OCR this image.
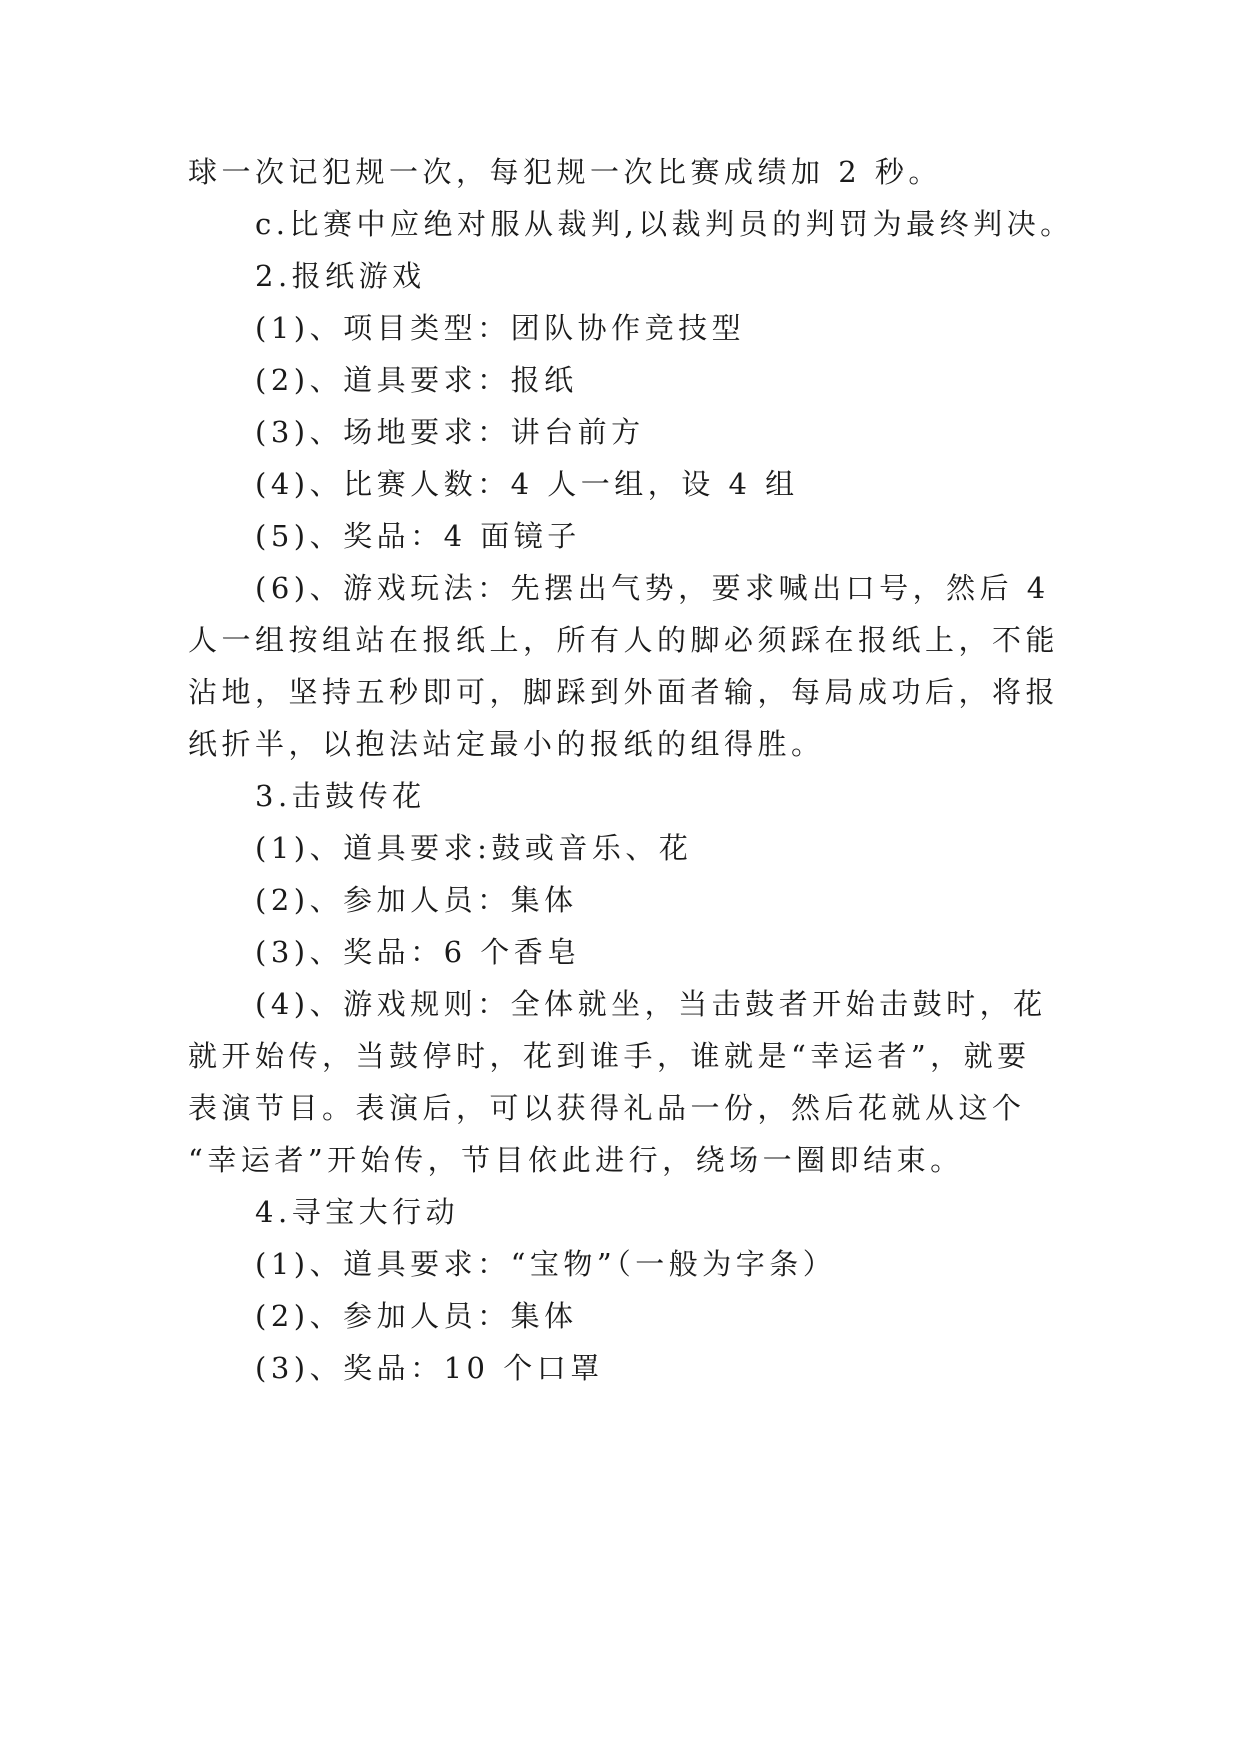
球一次记犯规一次，每犯规一次比赛成绩加 2 秒。
c.比赛中应绝对服从裁判,以裁判员的判罚为最终判决。
2.报纸游戏
(1)、项目类型：团队协作竞技型
(2)、道具要求：报纸
(3)、场地要求：讲台前方
(4)、比赛人数：4 人一组，设 4 组
(5)、奖品：4 面镜子
(6)、游戏玩法：先摆出气势，要求喊出口号，然后 4
人一组按组站在报纸上，所有人的脚必须踩在报纸上，不能
沾地，坚持五秒即可，脚踩到外面者输，每局成功后，将报
纸折半，以抱法站定最小的报纸的组得胜。
3.击鼓传花
(1)、道具要求:鼓或音乐、花
(2)、参加人员：集体
(3)、奖品：6 个香皂
(4)、游戏规则：全体就坐，当击鼓者开始击鼓时，花
就开始传，当鼓停时，花到谁手，谁就是“幸运者”，就要
表演节目。表演后，可以获得礼品一份，然后花就从这个
“幸运者”开始传，节目依此进行，绕场一圈即结束。
4.寻宝大行动
(1)、道具要求：“宝物”（一般为字条）
(2)、参加人员：集体
(3)、奖品：10 个口罩
